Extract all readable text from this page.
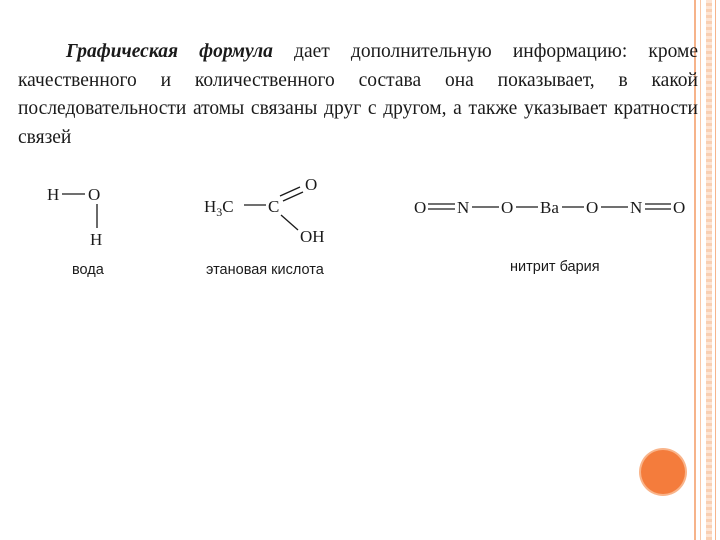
Графическая формула дает дополнительную информацию: кроме качественного и количественного состава она показывает, в какой последовательности атомы связаны друг с другом, а также указывает кратности связей

H O
H
$H_3C$ C
O
OH
O N O Ba O N O
вода	этановая кислота	нитрит бария
